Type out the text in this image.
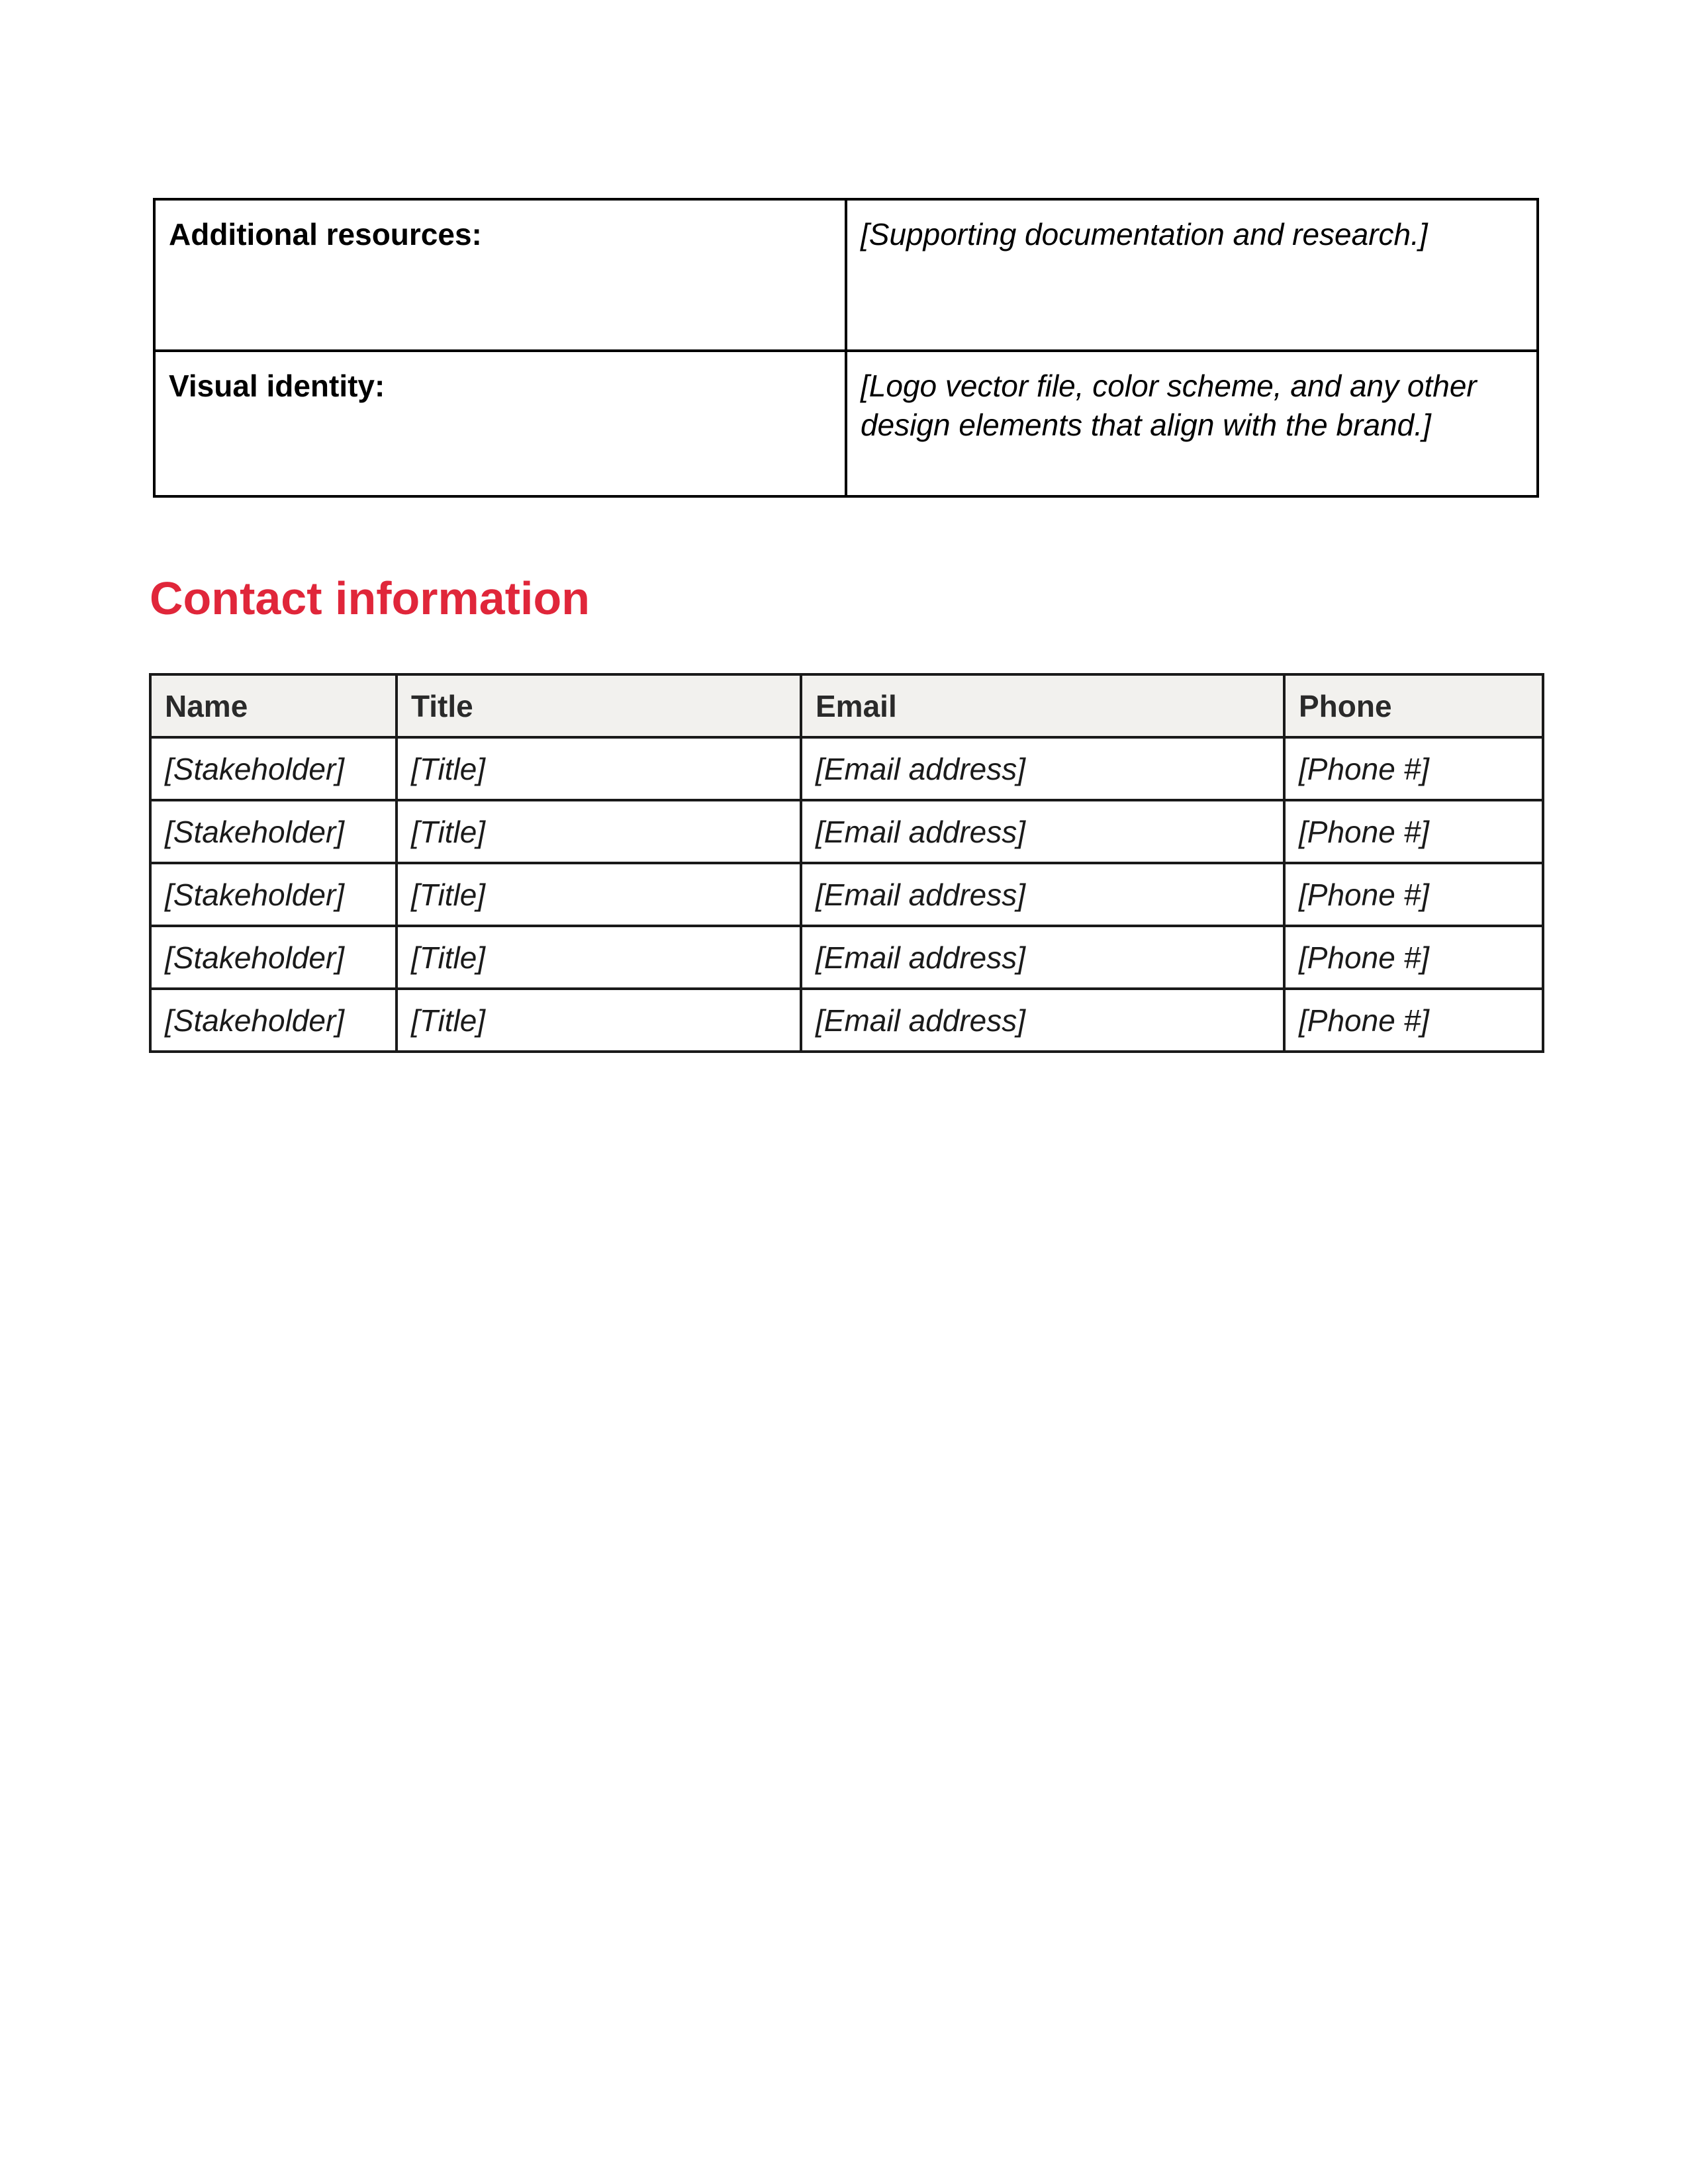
Additional resources:	[Supporting documentation and research.]
Visual identity:	[Logo vector file, color scheme, and any other design elements that align with the brand.]
Contact information
Name	Title	Email	Phone
[Stakeholder]	[Title]	[Email address]	[Phone #]
[Stakeholder]	[Title]	[Email address]	[Phone #]
[Stakeholder]	[Title]	[Email address]	[Phone #]
[Stakeholder]	[Title]	[Email address]	[Phone #]
[Stakeholder]	[Title]	[Email address]	[Phone #]
